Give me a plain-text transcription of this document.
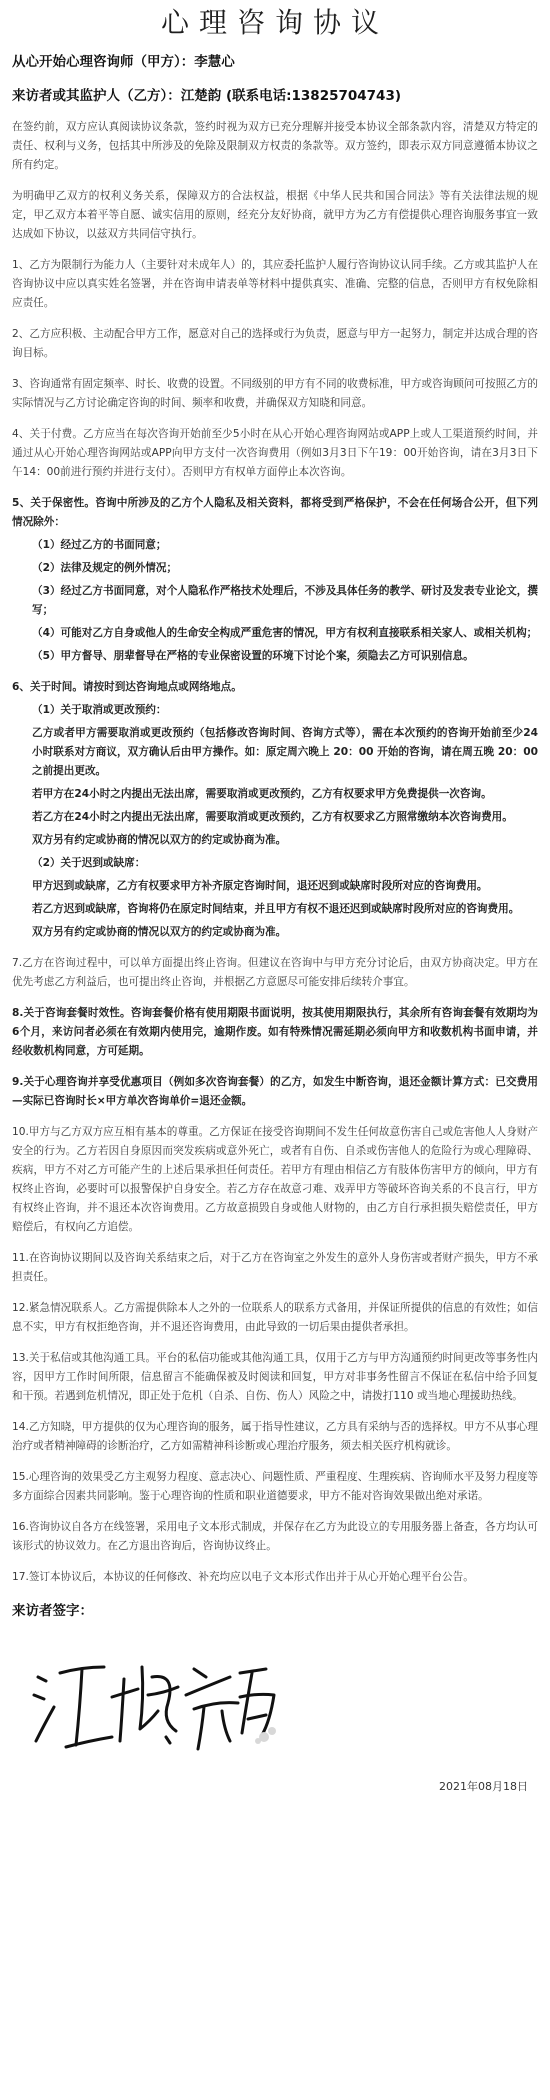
心理咨询协议
从心开始心理咨询师（甲方）：李慧心
来访者或其监护人（乙方）：江楚韵 (联系电话:13825704743)

在签约前，双方应认真阅读协议条款，签约时视为双方已充分理解并接受本协议全部条款内容，清楚双方特定的责任、权利与义务，包括其中所涉及的免除及限制双方权责的条款等。双方签约，即表示双方同意遵循本协议之所有约定。

为明确甲乙双方的权利义务关系，保障双方的合法权益，根据《中华人民共和国合同法》等有关法律法规的规定，甲乙双方本着平等自愿、诚实信用的原则，经充分友好协商，就甲方为乙方有偿提供心理咨询服务事宜一致达成如下协议，以兹双方共同信守执行。

1、乙方为限制行为能力人（主要针对未成年人）的，其应委托监护人履行咨询协议认同手续。乙方或其监护人在咨询协议中应以真实姓名签署，并在咨询申请表单等材料中提供真实、准确、完整的信息，否则甲方有权免除相应责任。

2、乙方应积极、主动配合甲方工作，愿意对自己的选择或行为负责，愿意与甲方一起努力，制定并达成合理的咨询目标。

3、咨询通常有固定频率、时长、收费的设置。不同级别的甲方有不同的收费标准，甲方或咨询顾问可按照乙方的实际情况与乙方讨论确定咨询的时间、频率和收费，并确保双方知晓和同意。

4、关于付费。乙方应当在每次咨询开始前至少5小时在从心开始心理咨询网站或APP上或人工渠道预约时间，并通过从心开始心理咨询网站或APP向甲方支付一次咨询费用（例如3月3日下午19：00开始咨询，请在3月3日下午14：00前进行预约并进行支付）。否则甲方有权单方面停止本次咨询。

5、关于保密性。咨询中所涉及的乙方个人隐私及相关资料，都将受到严格保护，不会在任何场合公开，但下列情况除外：

（1）经过乙方的书面同意；

（2）法律及规定的例外情况；

（3）经过乙方书面同意，对个人隐私作严格技术处理后，不涉及具体任务的教学、研讨及发表专业论文，撰写；

（4）可能对乙方自身或他人的生命安全构成严重危害的情况，甲方有权利直接联系相关家人、或相关机构；

（5）甲方督导、朋辈督导在严格的专业保密设置的环境下讨论个案，须隐去乙方可识别信息。

6、关于时间。请按时到达咨询地点或网络地点。

（1）关于取消或更改预约：

乙方或者甲方需要取消或更改预约（包括修改咨询时间、咨询方式等），需在本次预约的咨询开始前至少24小时联系对方商议，双方确认后由甲方操作。如：原定周六晚上 20：00 开始的咨询，请在周五晚 20：00 之前提出更改。

若甲方在24小时之内提出无法出席，需要取消或更改预约，乙方有权要求甲方免费提供一次咨询。

若乙方在24小时之内提出无法出席，需要取消或更改预约，乙方有权要求乙方照常缴纳本次咨询费用。

双方另有约定或协商的情况以双方的约定或协商为准。

（2）关于迟到或缺席：

甲方迟到或缺席，乙方有权要求甲方补齐原定咨询时间，退还迟到或缺席时段所对应的咨询费用。

若乙方迟到或缺席，咨询将仍在原定时间结束，并且甲方有权不退还迟到或缺席时段所对应的咨询费用。

双方另有约定或协商的情况以双方的约定或协商为准。

7.乙方在咨询过程中，可以单方面提出终止咨询。但建议在咨询中与甲方充分讨论后，由双方协商决定。甲方在优先考虑乙方利益后，也可提出终止咨询，并根据乙方意愿尽可能安排后续转介事宜。

8.关于咨询套餐时效性。咨询套餐价格有使用期限书面说明，按其使用期限执行，其余所有咨询套餐有效期均为6个月，来访问者必须在有效期内使用完，逾期作废。如有特殊情况需延期必须向甲方和收数机构书面申请，并经收数机构同意，方可延期。

9.关于心理咨询并享受优惠项目（例如多次咨询套餐）的乙方，如发生中断咨询，退还金额计算方式：已交费用—实际已咨询时长×甲方单次咨询单价=退还金额。

10.甲方与乙方双方应互相有基本的尊重。乙方保证在接受咨询期间不发生任何故意伤害自己或危害他人人身财产安全的行为。乙方若因自身原因而突发疾病或意外死亡，或者有自伤、自杀或伤害他人的危险行为或心理障碍、疾病，甲方不对乙方可能产生的上述后果承担任何责任。若甲方有理由相信乙方有肢体伤害甲方的倾向，甲方有权终止咨询，必要时可以报警保护自身安全。若乙方存在故意刁难、戏弄甲方等破坏咨询关系的不良言行，甲方有权终止咨询，并不退还本次咨询费用。乙方故意损毁自身或他人财物的，由乙方自行承担损失赔偿责任，甲方赔偿后，有权向乙方追偿。

11.在咨询协议期间以及咨询关系结束之后，对于乙方在咨询室之外发生的意外人身伤害或者财产损失，甲方不承担责任。

12.紧急情况联系人。乙方需提供除本人之外的一位联系人的联系方式备用，并保证所提供的信息的有效性；如信息不实，甲方有权拒绝咨询，并不退还咨询费用，由此导致的一切后果由提供者承担。

13.关于私信或其他沟通工具。平台的私信功能或其他沟通工具，仅用于乙方与甲方沟通预约时间更改等事务性内容，因甲方工作时间所限，信息留言不能确保被及时阅读和回复，甲方对非事务性留言不保证在私信中给予回复和干预。若遇到危机情况，即正处于危机（自杀、自伤、伤人）风险之中，请拨打110 或当地心理援助热线。

14.乙方知晓，甲方提供的仅为心理咨询的服务，属于指导性建议，乙方具有采纳与否的选择权。甲方不从事心理治疗或者精神障碍的诊断治疗，乙方如需精神科诊断或心理治疗服务，须去相关医疗机构就诊。

15.心理咨询的效果受乙方主观努力程度、意志决心、问题性质、严重程度、生理疾病、咨询师水平及努力程度等多方面综合因素共同影响。鉴于心理咨询的性质和职业道德要求，甲方不能对咨询效果做出绝对承诺。

16.咨询协议自各方在线签署，采用电子文本形式制成，并保存在乙方为此设立的专用服务器上备查，各方均认可该形式的协议效力。在乙方退出咨询后，咨询协议终止。

17.签订本协议后，本协议的任何修改、补充均应以电子文本形式作出并于从心开始心理平台公告。

来访者签字：
2021年08月18日
